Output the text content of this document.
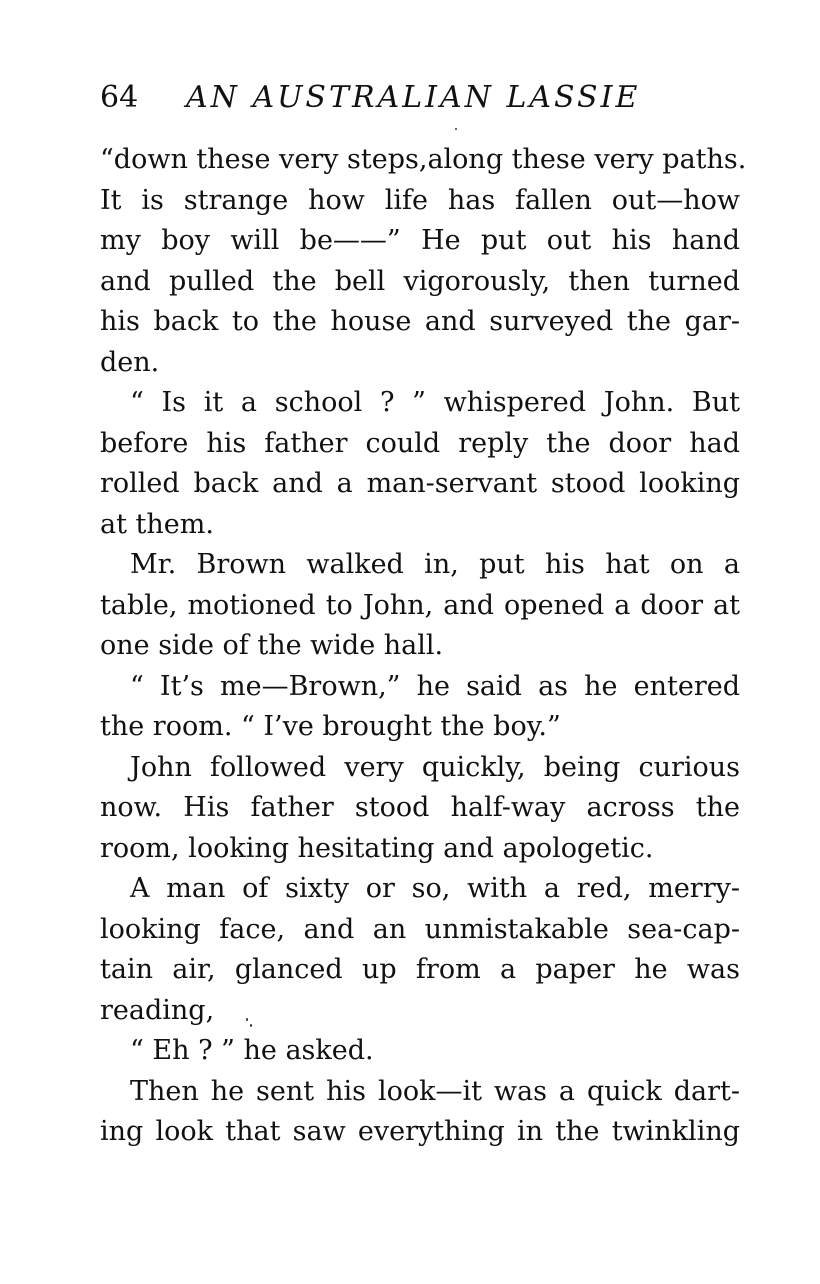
64 AN AUSTRALIAN LASSIE
“down these very steps,along these very paths.
It is strange how life has fallen out—how
my boy will be——” He put out his hand
and pulled the bell vigorously, then turned
his back to the house and surveyed the gar-
den.
“ Is it a school ? ” whispered John. But
before his father could reply the door had
rolled back and a man-servant stood looking
at them.
Mr. Brown walked in, put his hat on a
table, motioned to John, and opened a door at
one side of the wide hall.
“ It’s me—Brown,” he said as he entered
the room. “ I’ve brought the boy.”
John followed very quickly, being curious
now. His father stood half-way across the
room, looking hesitating and apologetic.
A man of sixty or so, with a red, merry-
looking face, and an unmistakable sea-cap-
tain air, glanced up from a paper he was
reading,
“ Eh ? ” he asked.
Then he sent his look—it was a quick dart-
ing look that saw everything in the twinkling
